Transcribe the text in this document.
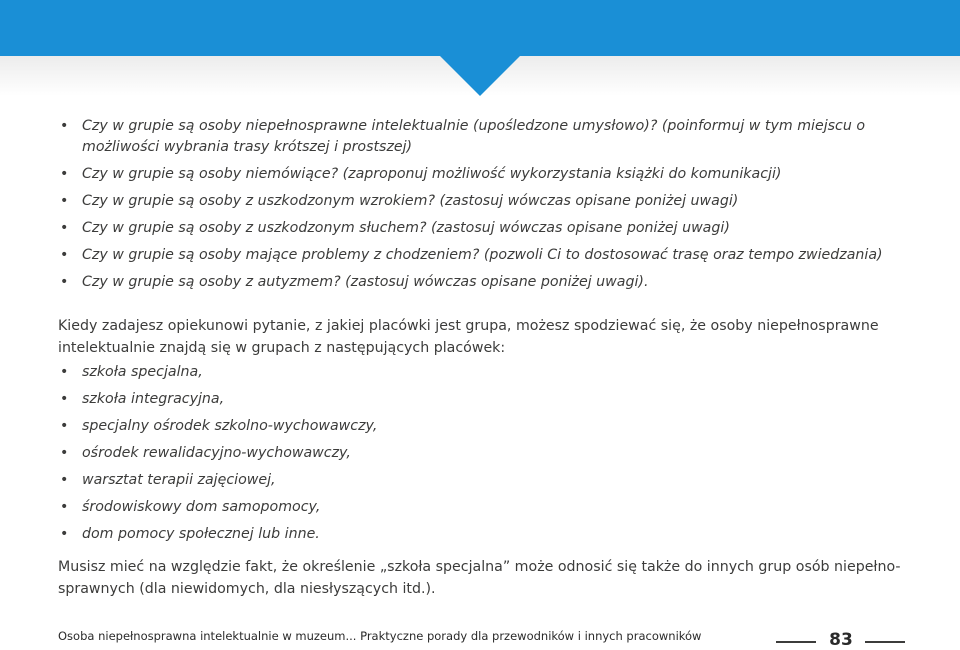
• Czy w grupie są osoby niepełnosprawne intelektualnie (upośledzone umysłowo)? (poinformuj w tym miejscu o możliwości wybrania trasy krótszej i prostszej)
• Czy w grupie są osoby niemówiące? (zaproponuj możliwość wykorzystania książki do komunikacji)
• Czy w grupie są osoby z uszkodzonym wzrokiem? (zastosuj wówczas opisane poniżej uwagi)
• Czy w grupie są osoby z uszkodzonym słuchem? (zastosuj wówczas opisane poniżej uwagi)
• Czy w grupie są osoby mające problemy z chodzeniem? (pozwoli Ci to dostosować trasę oraz tempo zwiedzania)
• Czy w grupie są osoby z autyzmem? (zastosuj wówczas opisane poniżej uwagi).

Kiedy zadajesz opiekunowi pytanie, z jakiej placówki jest grupa, możesz spodziewać się, że osoby niepełnosprawne intelektualnie znajdą się w grupach z następujących placówek:

• szkoła specjalna,
• szkoła integracyjna,
• specjalny ośrodek szkolno-wychowawczy,
• ośrodek rewalidacyjno-wychowawczy,
• warsztat terapii zajęciowej,
• środowiskowy dom samopomocy,
• dom pomocy społecznej lub inne.

Musisz mieć na względzie fakt, że określenie „szkoła specjalna” może odnosić się także do innych grup osób niepełno-sprawnych (dla niewidomych, dla niesłyszących itd.).

Osoba niepełnosprawna intelektualnie w muzeum... Praktyczne porady dla przewodników i innych pracowników	83
